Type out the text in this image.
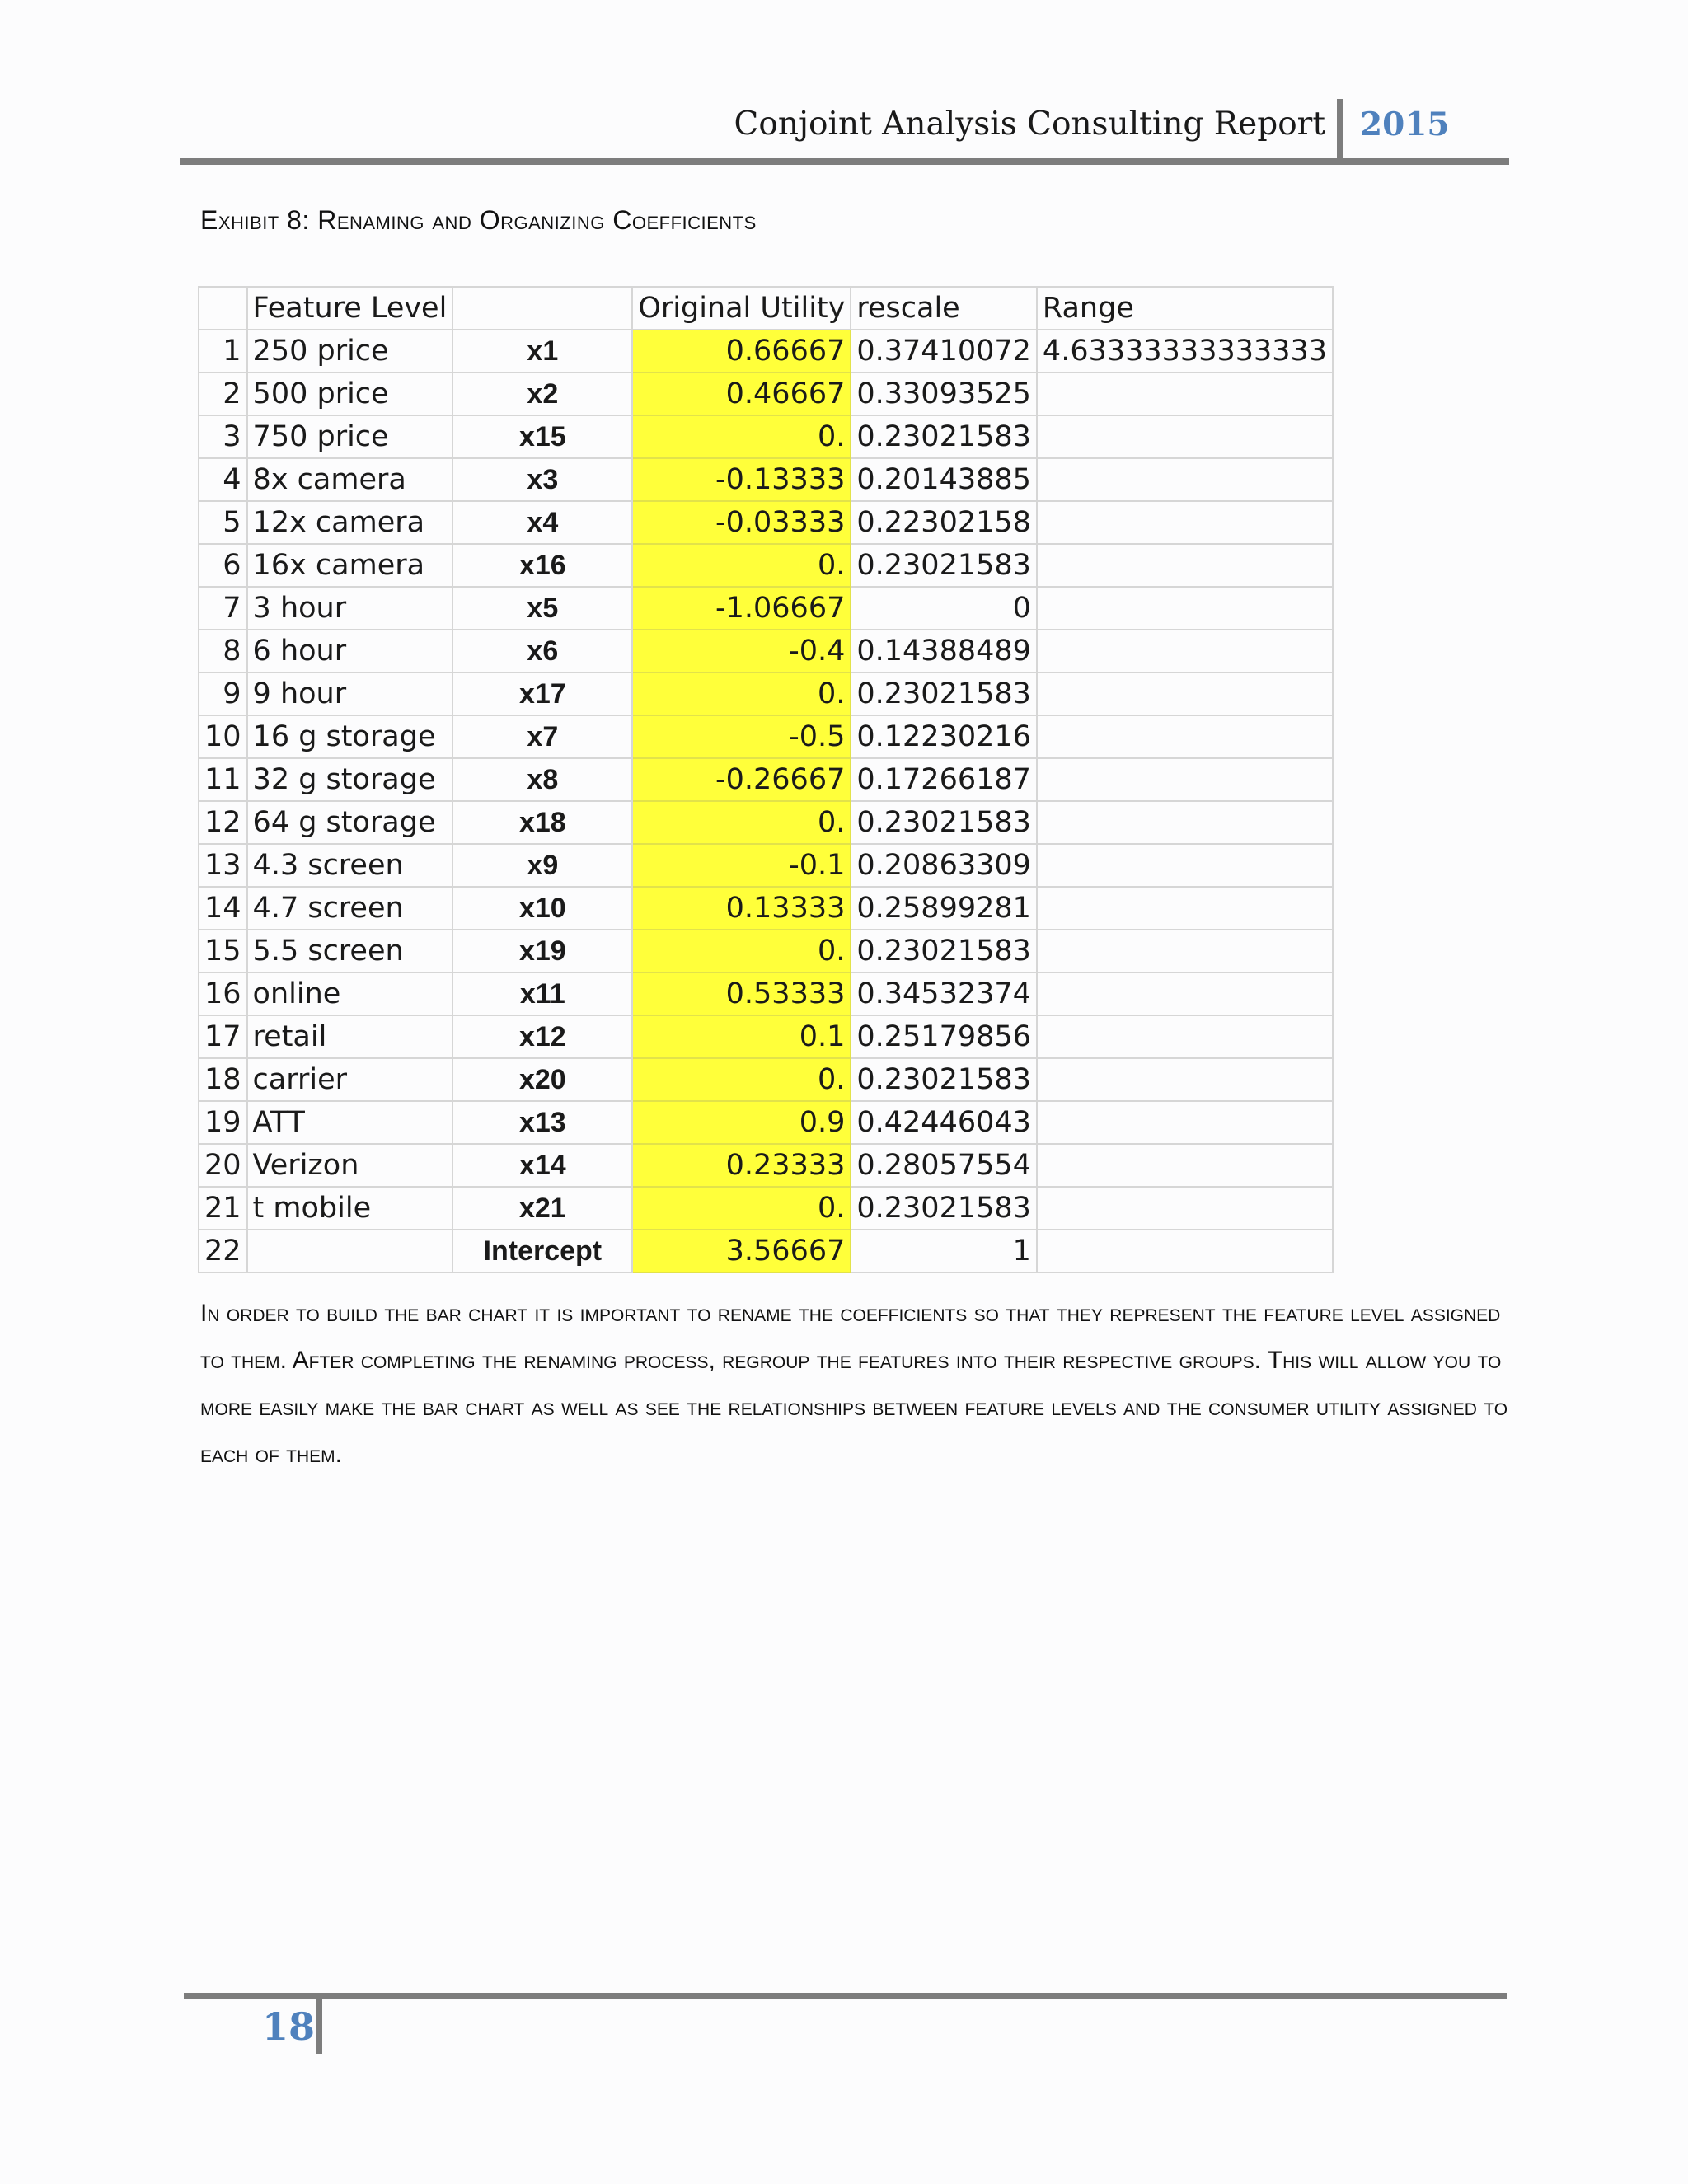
Conjoint Analysis Consulting Report 2015
Exhibit 8: Renaming and Organizing Coefficients
	Feature Level		Original Utility	rescale	Range
1	250 price	x1	0.66667	0.37410072	4.63333333333333
2	500 price	x2	0.46667	0.33093525	
3	750 price	x15	0.	0.23021583	
4	8x camera	x3	-0.13333	0.20143885	
5	12x camera	x4	-0.03333	0.22302158	
6	16x camera	x16	0.	0.23021583	
7	3 hour	x5	-1.06667	0	
8	6 hour	x6	-0.4	0.14388489	
9	9 hour	x17	0.	0.23021583	
10	16 g storage	x7	-0.5	0.12230216	
11	32 g storage	x8	-0.26667	0.17266187	
12	64 g storage	x18	0.	0.23021583	
13	4.3 screen	x9	-0.1	0.20863309	
14	4.7 screen	x10	0.13333	0.25899281	
15	5.5 screen	x19	0.	0.23021583	
16	online	x11	0.53333	0.34532374	
17	retail	x12	0.1	0.25179856	
18	carrier	x20	0.	0.23021583	
19	ATT	x13	0.9	0.42446043	
20	Verizon	x14	0.23333	0.28057554	
21	t mobile	x21	0.	0.23021583	
22		Intercept	3.56667	1	
In order to build the bar chart it is important to rename the coefficients so that they represent the feature level assigned to them. After completing the renaming process, regroup the features into their respective groups. This will allow you to more easily make the bar chart as well as see the relationships between feature levels and the consumer utility assigned to each of them.
18
